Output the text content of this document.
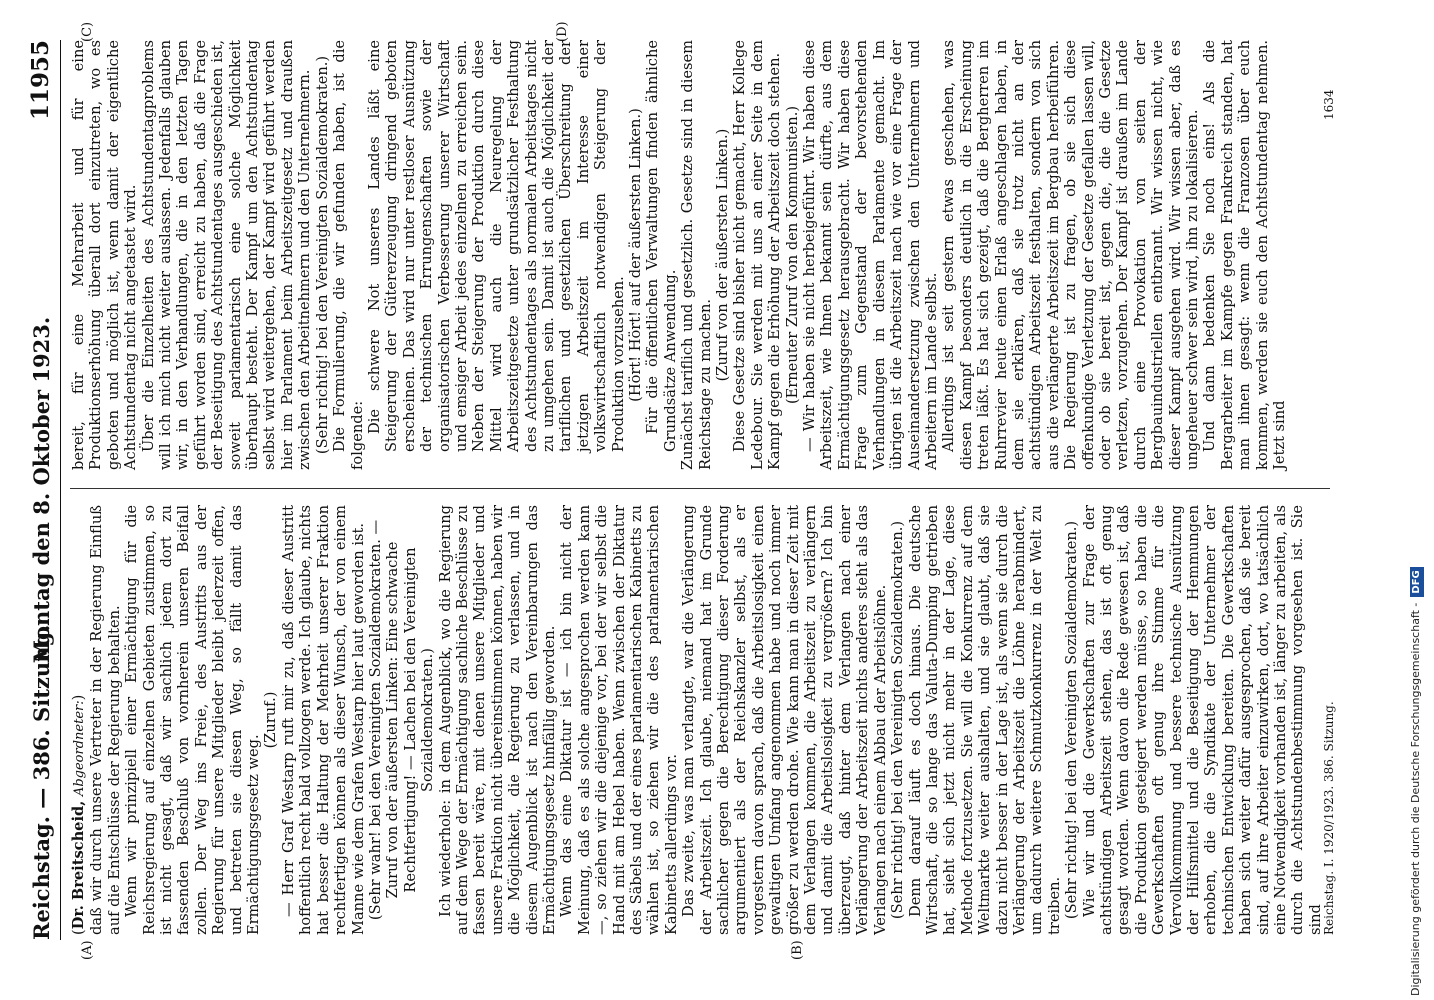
Reichstag. — 386. Sitzung.
Montag den 8. Oktober 1923.
11955
(A)	(B)
(C)	(D)

(Dr. Breitscheid, Abgeordneter:) daß wir durch unsere Vertreter in der Regierung Einfluß auf die Entschlüsse der Regierung behalten. Wenn wir prinzipiell einer Ermächtigung für die Reichsregierung auf einzelnen Gebieten zustimmen, so ist nicht gesagt, daß wir sachlich jedem dort zu fassenden Beschluß von vornherein unseren Beifall zollen. Der Weg ins Freie, des Austritts aus der Regierung für unsere Mitglieder bleibt jederzeit offen, und betreten sie diesen Weg, so fällt damit das Ermächtigungsgesetz weg.

(Zuruf.) — Herr Graf Westarp ruft mir zu, daß dieser Austritt hoffentlich recht bald vollzogen werde. Ich glaube, nichts hat besser die Haltung der Mehrheit unserer Fraktion rechtfertigen können als dieser Wunsch, der von einem Manne wie dem Grafen Westarp hier laut geworden ist. (Sehr wahr! bei den Vereinigten Sozialdemokraten. — Zuruf von der äußersten Linken: Eine schwache Rechtfertigung! — Lachen bei den Vereinigten Sozialdemokraten.) Ich wiederhole: in dem Augenblick, wo die Regierung auf dem Wege der Ermächtigung sachliche Beschlüsse zu fassen bereit wäre, mit denen unsere Mitglieder und unsere Fraktion nicht übereinstimmen können, haben wir die Möglichkeit, die Regierung zu verlassen, und in diesem Augenblick ist nach den Vereinbarungen das Ermächtigungsgesetz hinfällig geworden. Wenn das eine Diktatur ist — ich bin nicht der Meinung, daß es als solche angesprochen werden kann —, so ziehen wir die diejenige vor, bei der wir selbst die Hand mit am Hebel haben. Wenn zwischen der Diktatur des Säbels und der eines parlamentarischen Kabinetts zu wählen ist, so ziehen wir die des parlamentarischen Kabinetts allerdings vor. Das zweite, was man verlangte, war die Verlängerung der Arbeitszeit. Ich glaube, niemand hat im Grunde sachlicher gegen die Berechtigung dieser Forderung argumentiert als der Reichskanzler selbst, als er vorgestern davon sprach, daß die Arbeitslosigkeit einen gewaltigen Umfang angenommen habe und noch immer größer zu werden drohe. Wie kann man in dieser Zeit mit dem Verlangen kommen, die Arbeitszeit zu verlängern und damit die Arbeitslosigkeit zu vergrößern? Ich bin überzeugt, daß hinter dem Verlangen nach einer Verlängerung der Arbeitszeit nichts anderes steht als das Verlangen nach einem Abbau der Arbeitslöhne. (Sehr richtig! bei den Vereinigten Sozialdemokraten.) Denn darauf läuft es doch hinaus. Die deutsche Wirtschaft, die so lange das Valuta-Dumping getrieben hat, sieht sich jetzt nicht mehr in der Lage, diese Methode fortzusetzen. Sie will die Konkurrenz auf dem Weltmarkte weiter aushalten, und sie glaubt, daß sie dazu nicht besser in der Lage ist, als wenn sie durch die Verlängerung der Arbeitszeit die Löhne herabmindert, um dadurch weitere Schmutzkonkurrenz in der Welt zu treiben. (Sehr richtig! bei den Vereinigten Sozialdemokraten.) Wie wir und die Gewerkschaften zur Frage der achtstündigen Arbeitszeit stehen, das ist oft genug gesagt worden. Wenn davon die Rede gewesen ist, daß die Produktion gesteigert werden müsse, so haben die Gewerkschaften oft genug ihre Stimme für die Vervollkommnung und bessere technische Ausnützung der Hilfsmittel und die Beseitigung der Hemmungen erhoben, die die Syndikate der Unternehmer der technischen Entwicklung bereiten. Die Gewerkschaften haben sich weiter dafür ausgesprochen, daß sie bereit sind, auf ihre Arbeiter einzuwirken, dort, wo tatsächlich eine Notwendigkeit vorhanden ist, länger zu arbeiten, als durch die Achtstundenbestimmung vorgesehen ist. Sie sind

bereit, für eine Mehrarbeit und für eine Produktionserhöhung überall dort einzutreten, wo es geboten und möglich ist, wenn damit der eigentliche Achtstundentag nicht angetastet wird. Über die Einzelheiten des Achtstundentagproblems will ich mich nicht weiter auslassen. Jedenfalls glauben wir, in den Verhandlungen, die in den letzten Tagen geführt worden sind, erreicht zu haben, daß die Frage der Beseitigung des Achtstundentages ausgeschieden ist, soweit parlamentarisch eine solche Möglichkeit überhaupt besteht. Der Kampf um den Achtstundentag selbst wird weitergehen, der Kampf wird geführt werden hier im Parlament beim Arbeitszeitgesetz und draußen zwischen den Arbeitnehmern und den Unternehmern. (Sehr richtig! bei den Vereinigten Sozialdemokraten.) Die Formulierung, die wir gefunden haben, ist die folgende:

Die schwere Not unseres Landes läßt eine Steigerung der Gütererzeugung dringend geboten erscheinen. Das wird nur unter restloser Ausnützung der technischen Errungenschaften sowie der organisatorischen Verbesserung unserer Wirtschaft und emsiger Arbeit jedes einzelnen zu erreichen sein. Neben der Steigerung der Produktion durch diese Mittel wird auch die Neuregelung der Arbeitszeitgesetze unter grundsätzlicher Festhaltung des Achtstundentages als normalen Arbeitstages nicht zu umgehen sein. Damit ist auch die Möglichkeit der tariflichen und gesetzlichen Überschreitung der jetzigen Arbeitszeit im Interesse einer volkswirtschaftlich notwendigen Steigerung der Produktion vorzusehen. (Hört! Hört! auf der äußersten Linken.) Für die öffentlichen Verwaltungen finden ähnliche Grundsätze Anwendung. Zunächst tariflich und gesetzlich. Gesetze sind in diesem Reichstage zu machen.

(Zuruf von der äußersten Linken.) Diese Gesetze sind bisher nicht gemacht, Herr Kollege Ledebour. Sie werden mit uns an einer Seite in dem Kampf gegen die Erhöhung der Arbeitszeit doch stehen. (Erneuter Zuruf von den Kommunisten.) — Wir haben sie nicht herbeigeführt. Wir haben diese Arbeitszeit, wie Ihnen bekannt sein dürfte, aus dem Ermächtigungsgesetz herausgebracht. Wir haben diese Frage zum Gegenstand der bevorstehenden Verhandlungen in diesem Parlamente gemacht. Im übrigen ist die Arbeitszeit nach wie vor eine Frage der Auseinandersetzung zwischen den Unternehmern und Arbeitern im Lande selbst. Allerdings ist seit gestern etwas geschehen, was diesen Kampf besonders deutlich in die Erscheinung treten läßt. Es hat sich gezeigt, daß die Bergherren im Ruhrrevier heute einen Erlaß angeschlagen haben, in dem sie erklären, daß sie trotz nicht an der achtstündigen Arbeitszeit festhalten, sondern von sich aus die verlängerte Arbeitszeit im Bergbau herbeiführen. Die Regierung ist zu fragen, ob sie sich diese offenkundige Verletzung der Gesetze gefallen lassen will, oder ob sie bereit ist, gegen die, die die Gesetze verletzen, vorzugehen. Der Kampf ist draußen im Lande durch eine Provokation von seiten der Bergbauindustriellen entbrannt. Wir wissen nicht, wie dieser Kampf ausgehen wird. Wir wissen aber, daß es ungeheuer schwer sein wird, ihn zu lokalisieren. Und dann bedenken Sie noch eins! Als die Bergarbeiter im Kampfe gegen Frankreich standen, hat man ihnen gesagt: wenn die Franzosen über euch kommen, werden sie euch den Achtstundentag nehmen. Jetzt sind

Reichstag. I. 1920/1923. 386. Sitzung.
1634
Digitalisierung gefördert durch die Deutsche Forschungsgemeinschaft -DFG
